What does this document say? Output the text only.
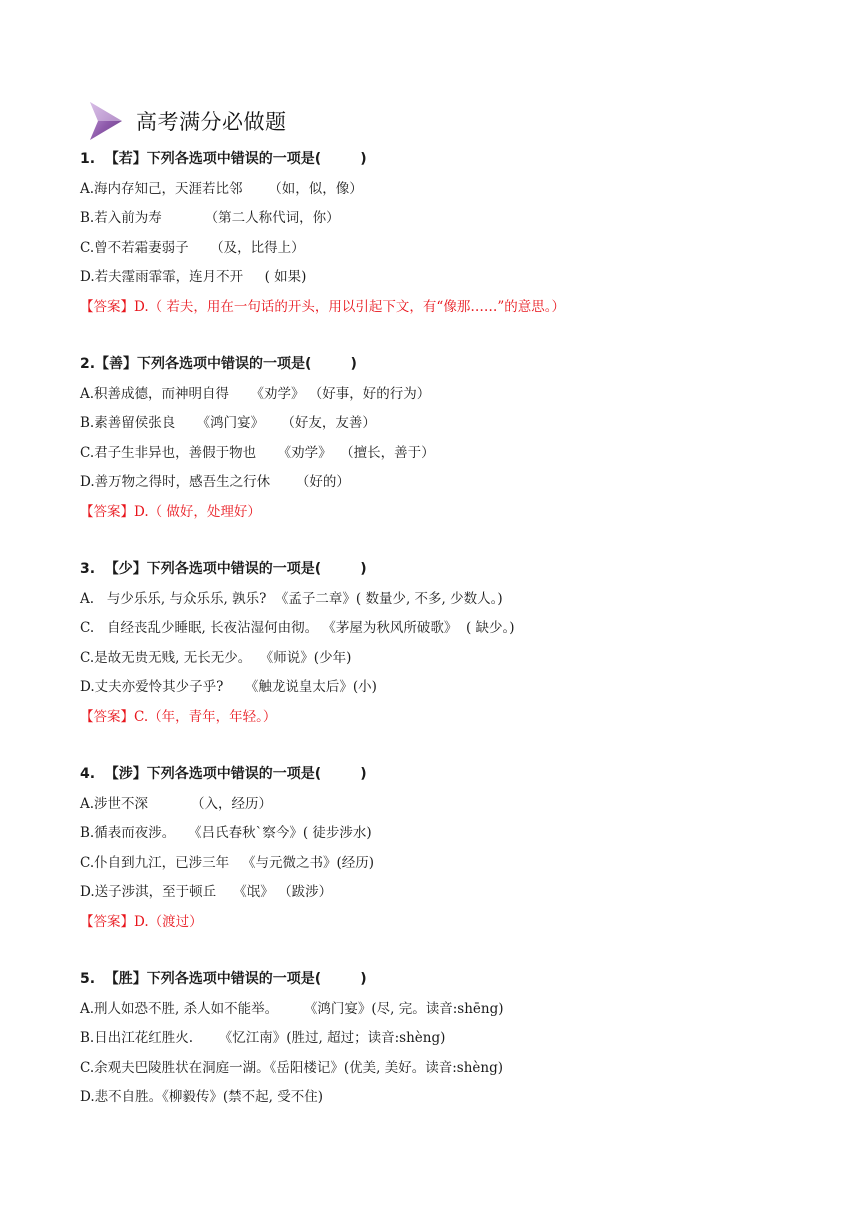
高考满分必做题
1.  【若】下列各选项中错误的一项是(        )
A.海内存知己，天涯若比邻      （如，似，像）
B.若入前为寿          （第二人称代词，你）
C.曾不若霜妻弱子     （及，比得上）
D.若夫霪雨霏霏，连月不开     ( 如果)
【答案】D.（ 若夫，用在一句话的开头，用以引起下文，有“像那……”的意思。）
2.【善】下列各选项中错误的一项是(        )
A.积善成德，而神明自得     《劝学》 （好事，好的行为）
B.素善留侯张良     《鸿门宴》    （好友，友善）
C.君子生非异也，善假于物也     《劝学》  （擅长，善于）
D.善万物之得时，感吾生之行休      （好的）
【答案】D.（ 做好，处理好）
3.  【少】下列各选项中错误的一项是(        )
A.   与少乐乐, 与众乐乐, 孰乐?  《孟子二章》( 数量少, 不多, 少数人。)
C.   自经丧乱少睡眠, 长夜沾湿何由彻。 《茅屋为秋风所破歌》  ( 缺少。)
C.是故无贵无贱, 无长无少。  《师说》(少年)
D.丈夫亦爱怜其少子乎?     《触龙说皇太后》(小)
【答案】C.（年，青年，年轻。）
4.  【涉】下列各选项中错误的一项是(        )
A.涉世不深          （入，经历）
B.循表而夜涉。   《吕氏春秋`察今》( 徒步涉水)
C.仆自到九江，已涉三年   《与元微之书》(经历)
D.送子涉淇，至于顿丘    《氓》 （跋涉）
【答案】D.（渡过）
5.  【胜】下列各选项中错误的一项是(        )
A.刑人如恐不胜, 杀人如不能举。      《鸿门宴》(尽, 完。读音:shēng)
B.日出江花红胜火.      《忆江南》(胜过, 超过；读音:shèng)
C.余观夫巴陵胜状在洞庭一湖。《岳阳楼记》(优美, 美好。读音:shèng)
D.悲不自胜。《柳毅传》(禁不起, 受不住)
